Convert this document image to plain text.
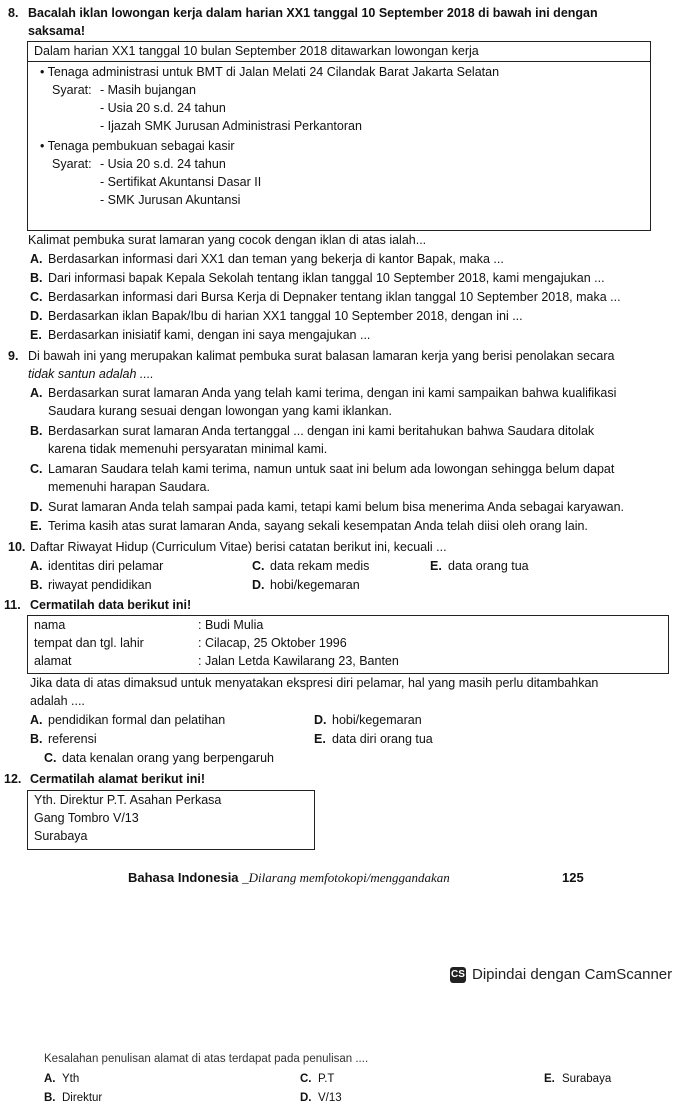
8. Bacalah iklan lowongan kerja dalam harian XX1 tanggal 10 September 2018 di bawah ini dengan
saksama!
Dalam harian XX1 tanggal 10 bulan September 2018 ditawarkan lowongan kerja
• Tenaga administrasi untuk BMT di Jalan Melati 24 Cilandak Barat Jakarta Selatan
Syarat: - Masih bujangan
- Usia 20 s.d. 24 tahun
- Ijazah SMK Jurusan Administrasi Perkantoran
• Tenaga pembukuan sebagai kasir
Syarat: - Usia 20 s.d. 24 tahun
- Sertifikat Akuntansi Dasar II
- SMK Jurusan Akuntansi
Kalimat pembuka surat lamaran yang cocok dengan iklan di atas ialah...
A. Berdasarkan informasi dari XX1 dan teman yang bekerja di kantor Bapak, maka ...
B. Dari informasi bapak Kepala Sekolah tentang iklan tanggal 10 September 2018, kami mengajukan ...
C. Berdasarkan informasi dari Bursa Kerja di Depnaker tentang iklan tanggal 10 September 2018, maka ...
D. Berdasarkan iklan Bapak/Ibu di harian XX1 tanggal 10 September 2018, dengan ini ...
E. Berdasarkan inisiatif kami, dengan ini saya mengajukan ...
9. Di bawah ini yang merupakan kalimat pembuka surat balasan lamaran kerja yang berisi penolakan secara
tidak santun adalah ....
A. Berdasarkan surat lamaran Anda yang telah kami terima, dengan ini kami sampaikan bahwa kualifikasi
Saudara kurang sesuai dengan lowongan yang kami iklankan.
B. Berdasarkan surat lamaran Anda tertanggal ... dengan ini kami beritahukan bahwa Saudara ditolak
karena tidak memenuhi persyaratan minimal kami.
C. Lamaran Saudara telah kami terima, namun untuk saat ini belum ada lowongan sehingga belum dapat
memenuhi harapan Saudara.
D. Surat lamaran Anda telah sampai pada kami, tetapi kami belum bisa menerima Anda sebagai karyawan.
E. Terima kasih atas surat lamaran Anda, sayang sekali kesempatan Anda telah diisi oleh orang lain.
10. Daftar Riwayat Hidup (Curriculum Vitae) berisi catatan berikut ini, kecuali ...
A. identitas diri pelamar
B. riwayat pendidikan
C. data rekam medis
D. hobi/kegemaran
E. data orang tua
11. Cermatilah data berikut ini!
nama	: Budi Mulia
tempat dan tgl. lahir	: Cilacap, 25 Oktober 1996
alamat	: Jalan Letda Kawilarang 23, Banten
Jika data di atas dimaksud untuk menyatakan ekspresi diri pelamar, hal yang masih perlu ditambahkan
adalah ....
A. pendidikan formal dan pelatihan
B. referensi
C. data kenalan orang yang berpengaruh
D. hobi/kegemaran
E. data diri orang tua
12. Cermatilah alamat berikut ini!
Yth. Direktur P.T. Asahan Perkasa
Gang Tombro V/13
Surabaya
Bahasa Indonesia _Dilarang memfotokopi/menggandakan	125
CS Dipindai dengan CamScanner
Kesalahan penulisan alamat di atas terdapat pada penulisan ....
A. Yth
B. Direktur
C. P.T
D. V/13
E. Surabaya
